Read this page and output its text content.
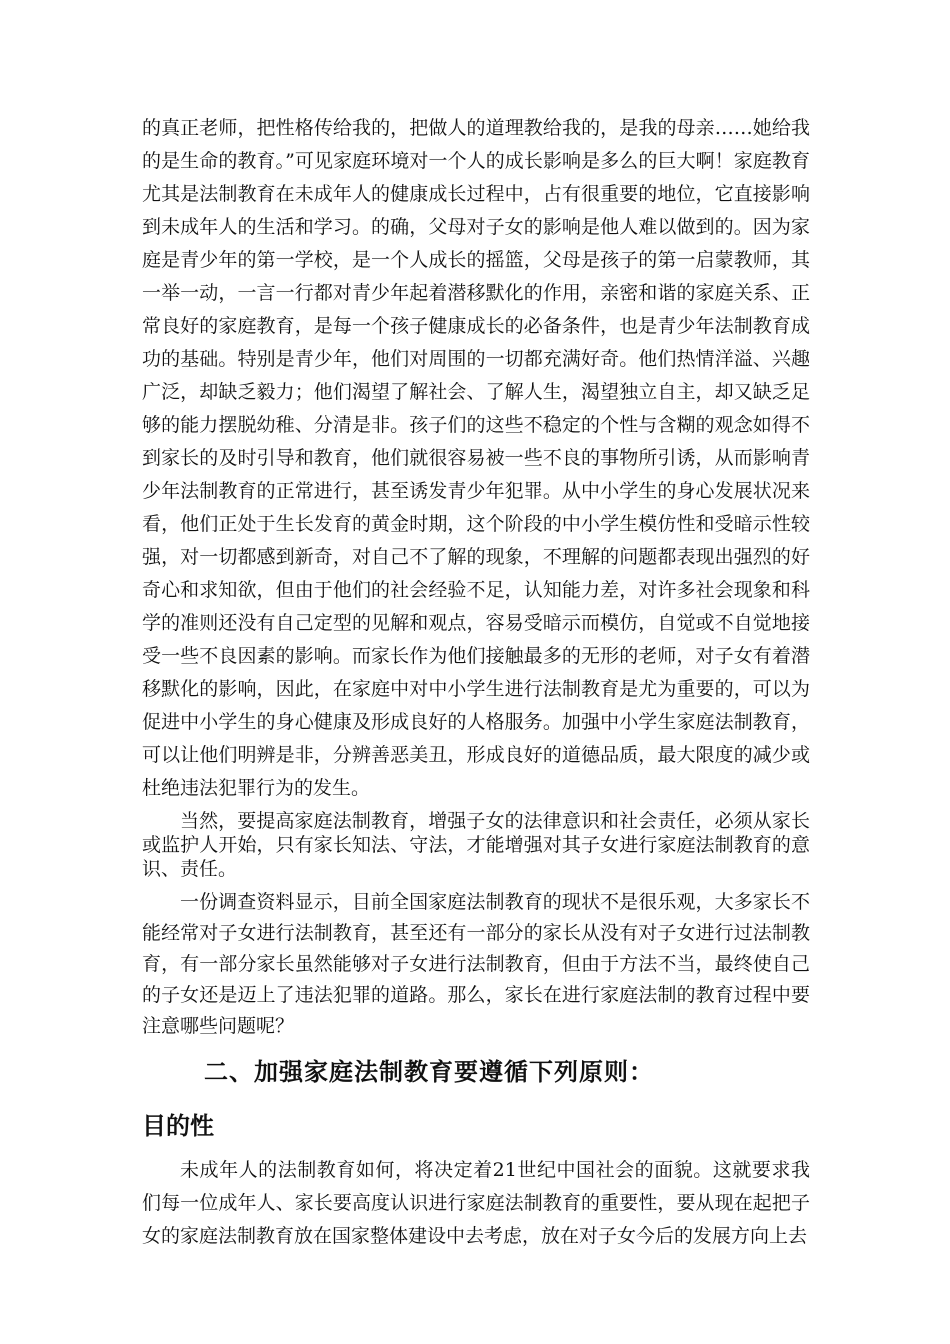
的真正老师，把性格传给我的，把做人的道理教给我的，是我的母亲……她给我的是生命的教育。”可见家庭环境对一个人的成长影响是多么的巨大啊！家庭教育尤其是法制教育在未成年人的健康成长过程中，占有很重要的地位，它直接影响到未成年人的生活和学习。的确，父母对子女的影响是他人难以做到的。因为家庭是青少年的第一学校，是一个人成长的摇篮，父母是孩子的第一启蒙教师，其一举一动，一言一行都对青少年起着潜移默化的作用，亲密和谐的家庭关系、正常良好的家庭教育，是每一个孩子健康成长的必备条件，也是青少年法制教育成功的基础。特别是青少年，他们对周围的一切都充满好奇。他们热情洋溢、兴趣广泛，却缺乏毅力；他们渴望了解社会、了解人生，渴望独立自主，却又缺乏足够的能力摆脱幼稚、分清是非。孩子们的这些不稳定的个性与含糊的观念如得不到家长的及时引导和教育，他们就很容易被一些不良的事物所引诱，从而影响青少年法制教育的正常进行，甚至诱发青少年犯罪。从中小学生的身心发展状况来看，他们正处于生长发育的黄金时期，这个阶段的中小学生模仿性和受暗示性较强，对一切都感到新奇，对自己不了解的现象，不理解的问题都表现出强烈的好奇心和求知欲，但由于他们的社会经验不足，认知能力差，对许多社会现象和科学的准则还没有自己定型的见解和观点，容易受暗示而模仿，自觉或不自觉地接受一些不良因素的影响。而家长作为他们接触最多的无形的老师，对子女有着潜移默化的影响，因此，在家庭中对中小学生进行法制教育是尤为重要的，可以为促进中小学生的身心健康及形成良好的人格服务。加强中小学生家庭法制教育，可以让他们明辨是非，分辨善恶美丑，形成良好的道德品质，最大限度的减少或杜绝违法犯罪行为的发生。

当然，要提高家庭法制教育，增强子女的法律意识和社会责任，必须从家长或监护人开始，只有家长知法、守法，才能增强对其子女进行家庭法制教育的意识、责任。

一份调查资料显示，目前全国家庭法制教育的现状不是很乐观，大多家长不能经常对子女进行法制教育，甚至还有一部分的家长从没有对子女进行过法制教育，有一部分家长虽然能够对子女进行法制教育，但由于方法不当，最终使自己的子女还是迈上了违法犯罪的道路。那么，家长在进行家庭法制的教育过程中要注意哪些问题呢？

二、加强家庭法制教育要遵循下列原则：
目的性

未成年人的法制教育如何，将决定着21世纪中国社会的面貌。这就要求我们每一位成年人、家长要高度认识进行家庭法制教育的重要性，要从现在起把子女的家庭法制教育放在国家整体建设中去考虑，放在对子女今后的发展方向上去
